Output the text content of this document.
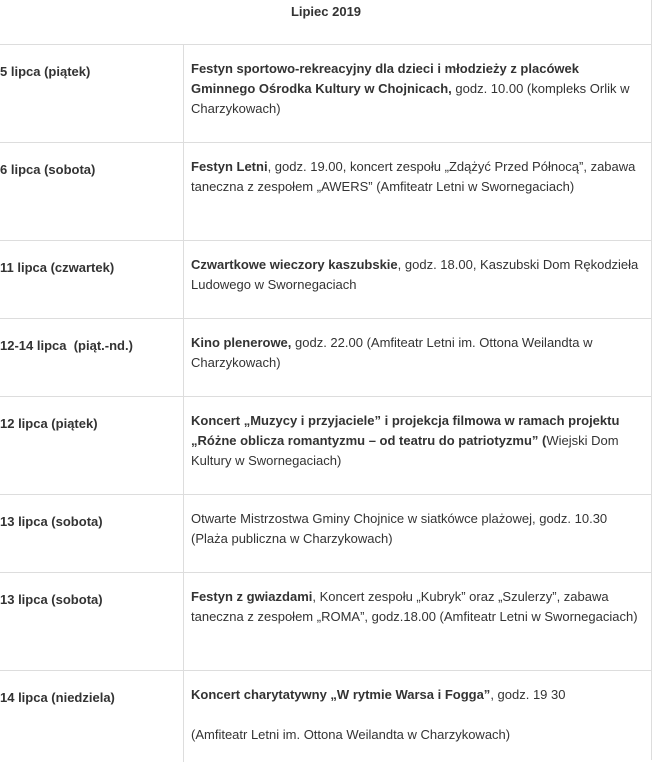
Lipiec 2019
5 lipca (piątek)	Festyn sportowo-rekreacyjny dla dzieci i młodzieży z placówek Gminnego Ośrodka Kultury w Chojnicach, godz. 10.00 (kompleks Orlik w Charzykowach)
6 lipca (sobota)	Festyn Letni, godz. 19.00, koncert zespołu „Zdążyć Przed Północą”, zabawa taneczna z zespołem „AWERS” (Amfiteatr Letni w Swornegaciach)
11 lipca (czwartek)	Czwartkowe wieczory kaszubskie, godz. 18.00, Kaszubski Dom Rękodzieła Ludowego w Swornegaciach
12-14 lipca  (piąt.-nd.)	Kino plenerowe, godz. 22.00 (Amfiteatr Letni im. Ottona Weilandta w Charzykowach)
12 lipca (piątek)	Koncert „Muzycy i przyjaciele” i projekcja filmowa w ramach projektu „Różne oblicza romantyzmu – od teatru do patriotyzmu” (Wiejski Dom Kultury w Swornegaciach)
13 lipca (sobota)	Otwarte Mistrzostwa Gminy Chojnice w siatkówce plażowej, godz. 10.30 (Plaża publiczna w Charzykowach)
13 lipca (sobota)	Festyn z gwiazdami, Koncert zespołu „Kubryk” oraz „Szulerzy”, zabawa taneczna z zespołem „ROMA”, godz.18.00 (Amfiteatr Letni w Swornegaciach)
14 lipca (niedziela)	Koncert charytatywny „W rytmie Warsa i Fogga”, godz. 19 30
(Amfiteatr Letni im. Ottona Weilandta w Charzykowach)
